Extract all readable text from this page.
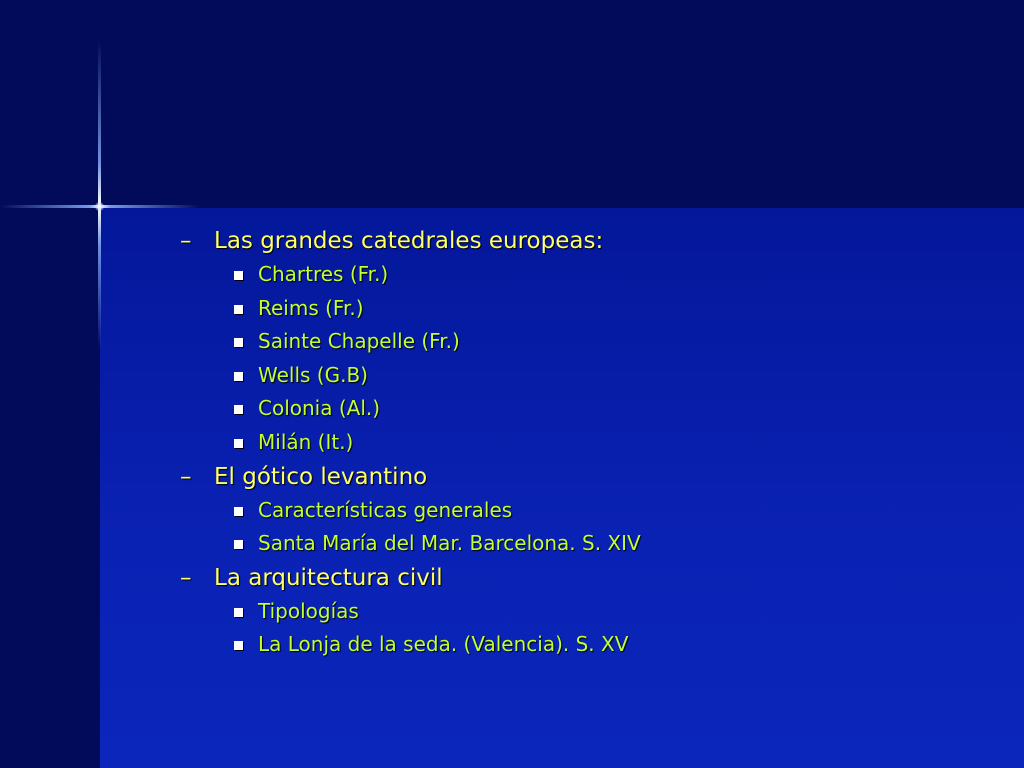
– Las grandes catedrales europeas:
Chartres (Fr.)
Reims (Fr.)
Sainte Chapelle (Fr.)
Wells (G.B)
Colonia (Al.)
Milán (It.)
– El gótico levantino
Características generales
Santa María del Mar. Barcelona. S. XIV
– La arquitectura civil
Tipologías
La Lonja de la seda. (Valencia). S. XV
